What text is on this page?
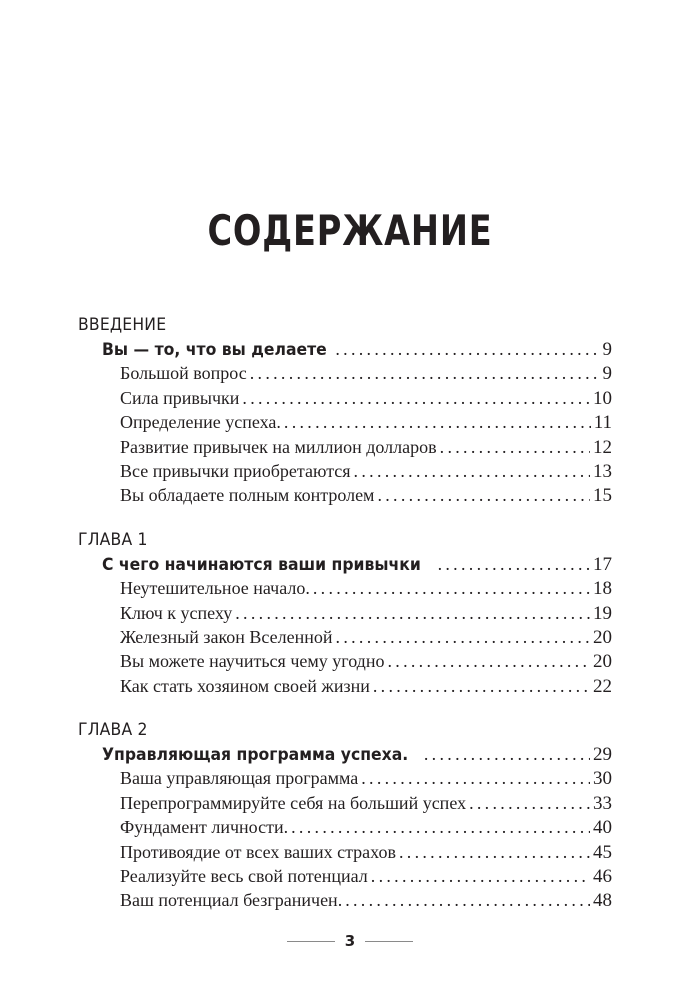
СОДЕРЖАНИЕ
ВВЕДЕНИЕ
Вы — то, что вы делаете . . .	9
Большой вопрос . . .	9
Сила привычки . . .	10
Определение успеха. . . .	11
Развитие привычек на миллион долларов . . .	12
Все привычки приобретаются . . .	13
Вы обладаете полным контролем . . .	15
ГЛАВА 1
С чего начинаются ваши привычки . . .	17
Неутешительное начало. . . .	18
Ключ к успеху . . .	19
Железный закон Вселенной . . .	20
Вы можете научиться чему угодно . . .	20
Как стать хозяином своей жизни . . .	22
ГЛАВА 2
Управляющая программа успеха. . . .	29
Ваша управляющая программа . . .	30
Перепрограммируйте себя на больший успех . . .	33
Фундамент личности. . . .	40
Противоядие от всех ваших страхов . . .	45
Реализуйте весь свой потенциал . . .	46
Ваш потенциал безграничен. . . .	48
3
